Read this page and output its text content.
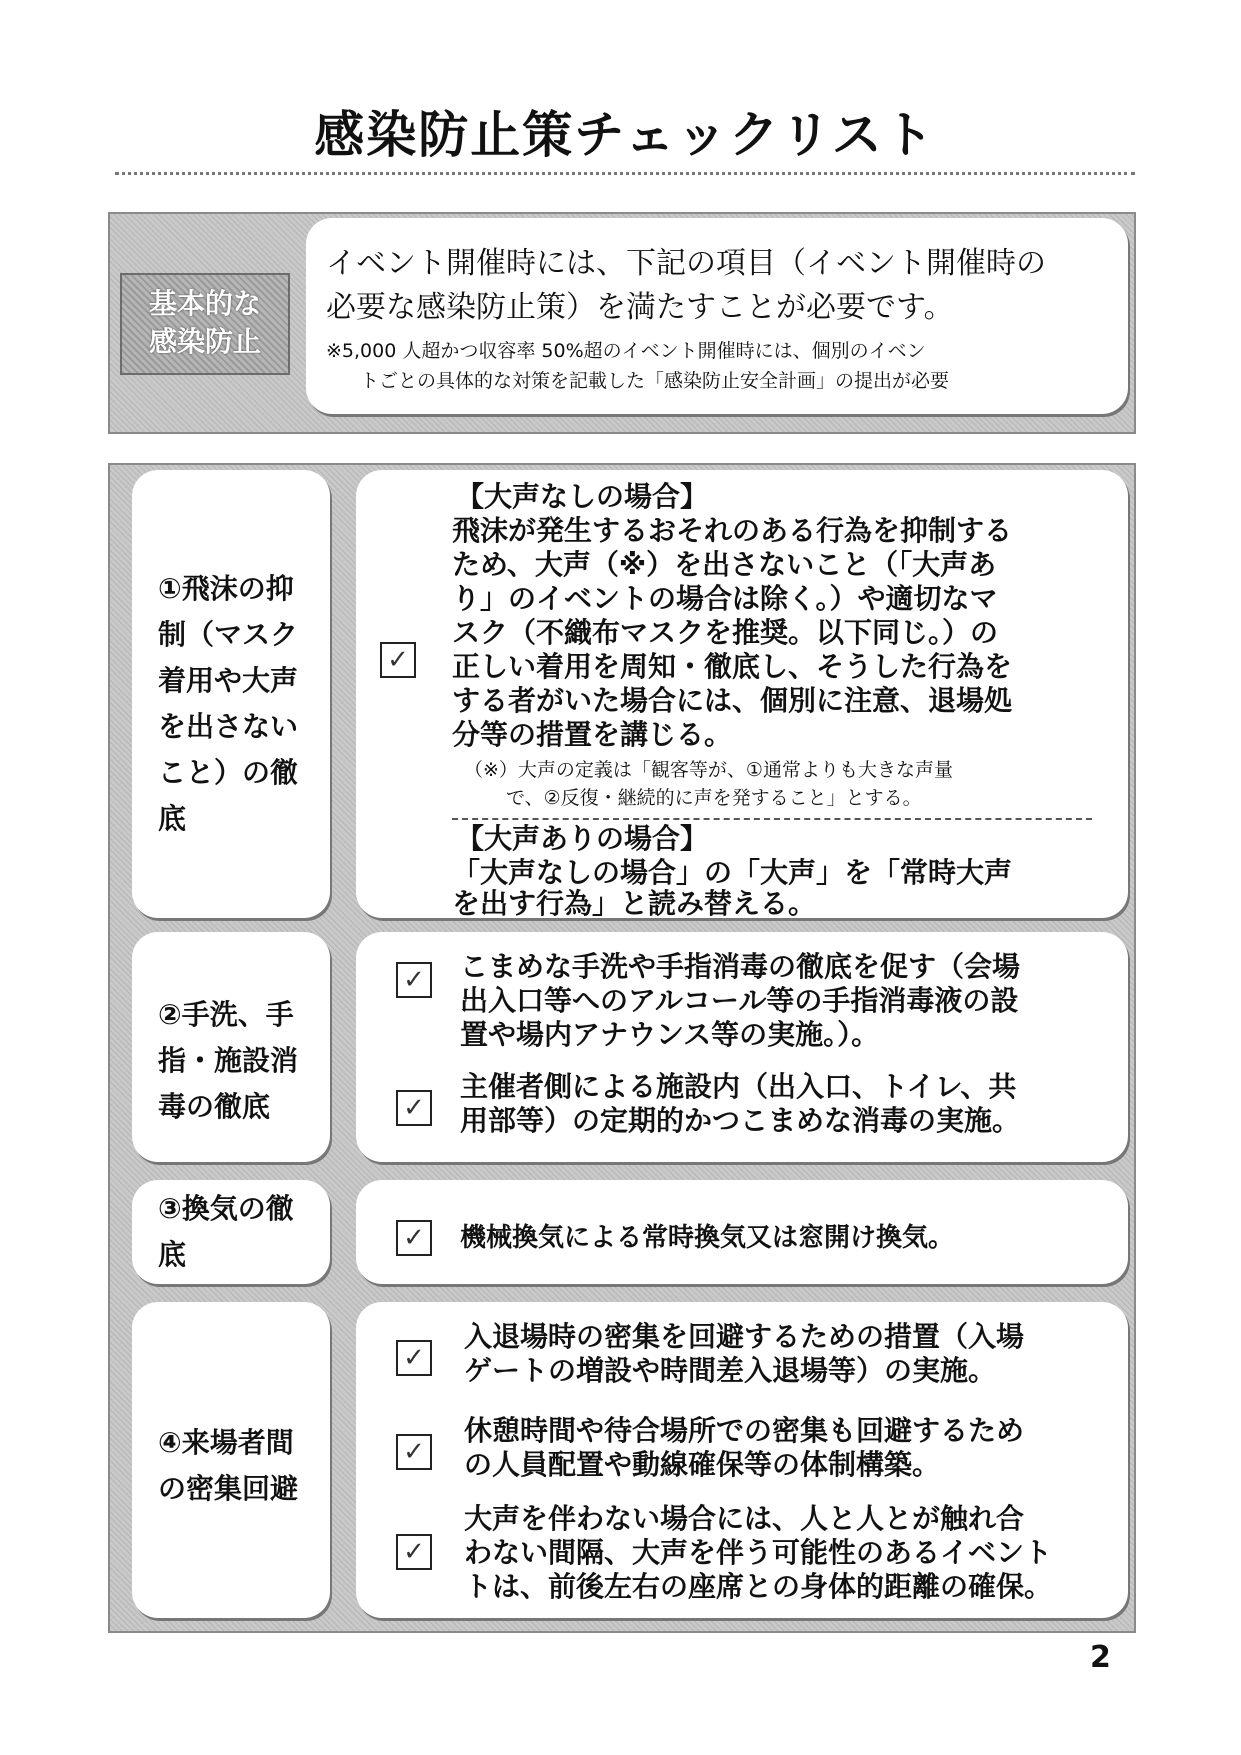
感染防止策チェックリスト
基本的な
感染防止
イベント開催時には、下記の項目（イベント開催時の
必要な感染防止策）を満たすことが必要です。
※5,000 人超かつ収容率 50%超のイベント開催時には、個別のイベン
トごとの具体的な対策を記載した「感染防止安全計画」の提出が必要
①飛沫の抑
制（マスク
着用や大声
を出さない
こと）の徹
底
✓
【大声なしの場合】
飛沫が発生するおそれのある行為を抑制する
ため、大声（※）を出さないこと（「大声あ
り」のイベントの場合は除く。）や適切なマ
スク（不織布マスクを推奨。以下同じ。）の
正しい着用を周知・徹底し、そうした行為を
する者がいた場合には、個別に注意、退場処
分等の措置を講じる。
（※）大声の定義は「観客等が、①通常よりも大きな声量
で、②反復・継続的に声を発すること」とする。
【大声ありの場合】
「大声なしの場合」の「大声」を「常時大声
を出す行為」と読み替える。
②手洗、手
指・施設消
毒の徹底
✓ こまめな手洗や手指消毒の徹底を促す（会場
出入口等へのアルコール等の手指消毒液の設
置や場内アナウンス等の実施。）。
✓
主催者側による施設内（出入口、トイレ、共
用部等）の定期的かつこまめな消毒の実施。
③換気の徹
底	✓ 機械換気による常時換気又は窓開け換気。
④来場者間
の密集回避
✓
入退場時の密集を回避するための措置（入場
ゲートの増設や時間差入退場等）の実施。
✓
休憩時間や待合場所での密集も回避するため
の人員配置や動線確保等の体制構築。
✓
大声を伴わない場合には、人と人とが触れ合
わない間隔、大声を伴う可能性のあるイベント
トは、前後左右の座席との身体的距離の確保。
2
